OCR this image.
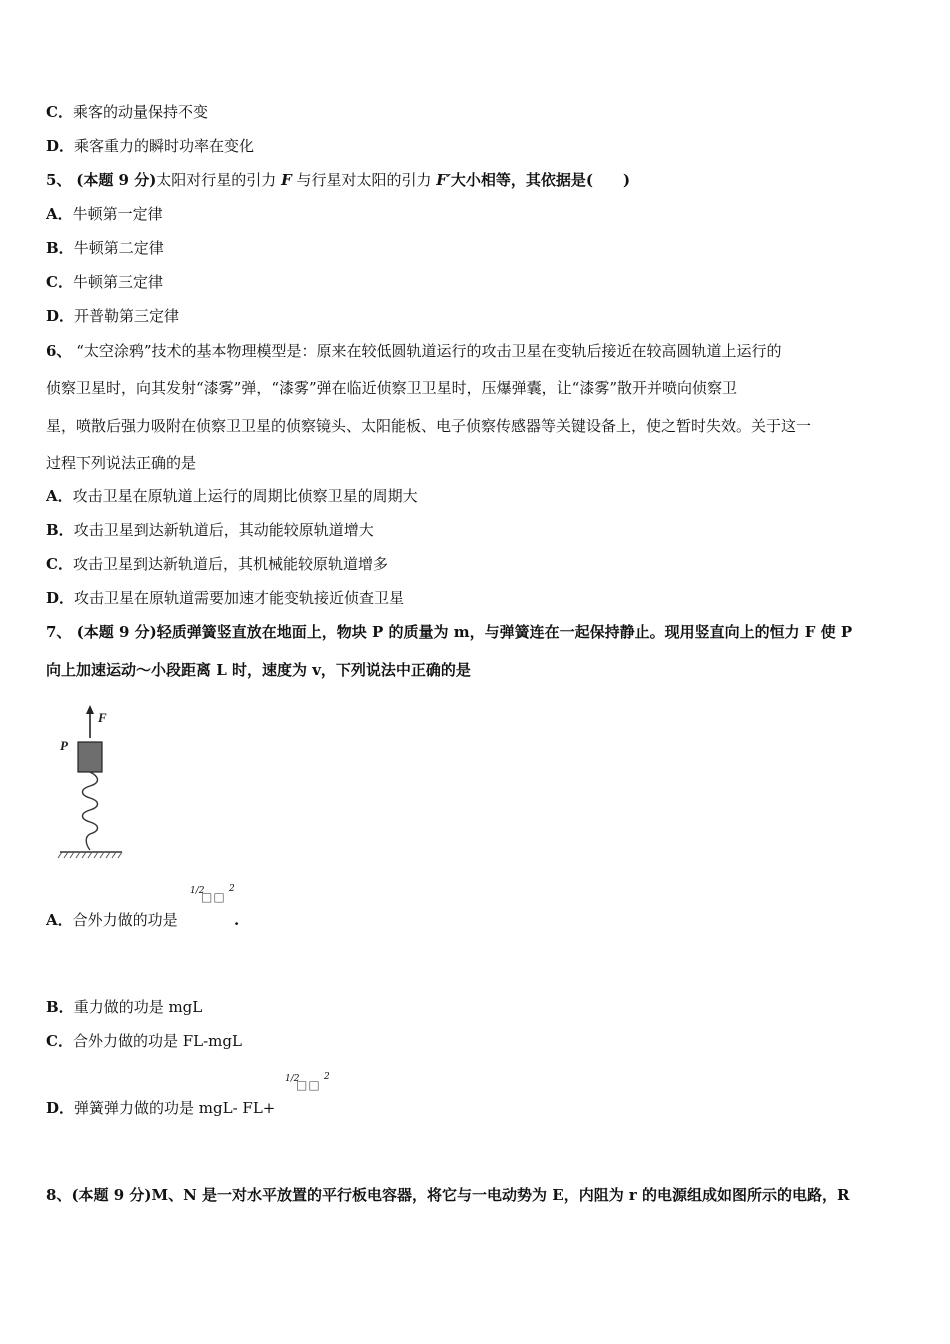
C．乘客的动量保持不变
D．乘客重力的瞬时功率在变化
5、 (本题 9 分)太阳对行星的引力 F 与行星对太阳的引力 F′大小相等，其依据是(　　)
A．牛顿第一定律
B．牛顿第二定律
C．牛顿第三定律
D．开普勒第三定律
6、 “太空涂鸦”技术的基本物理模型是：原来在较低圆轨道运行的攻击卫星在变轨后接近在较高圆轨道上运行的
侦察卫星时，向其发射“漆雾”弹，“漆雾”弹在临近侦察卫卫星时，压爆弹囊，让“漆雾”散开并喷向侦察卫
星，喷散后强力吸附在侦察卫卫星的侦察镜头、太阳能板、电子侦察传感器等关键设备上，使之暂时失效。关于这一
过程下列说法正确的是
A．攻击卫星在原轨道上运行的周期比侦察卫星的周期大
B．攻击卫星到达新轨道后，其动能较原轨道增大
C．攻击卫星到达新轨道后，其机械能较原轨道增多
D．攻击卫星在原轨道需要加速才能变轨接近侦查卫星
7、 (本题 9 分)轻质弹簧竖直放在地面上，物块 P 的质量为 m，与弹簧连在一起保持静止。现用竖直向上的恒力 F 使 P
向上加速运动～小段距离 L 时，速度为 v，下列说法中正确的是
F
P
A．合外力做的功是
1/2
□□
2
.
B．重力做的功是 mgL
C．合外力做的功是 FL-mgL
D．弹簧弹力做的功是 mgL- FL+
1/2
□□
2
8、(本题 9 分)M、N 是一对水平放置的平行板电容器，将它与一电动势为 E，内阻为 r 的电源组成如图所示的电路，R
